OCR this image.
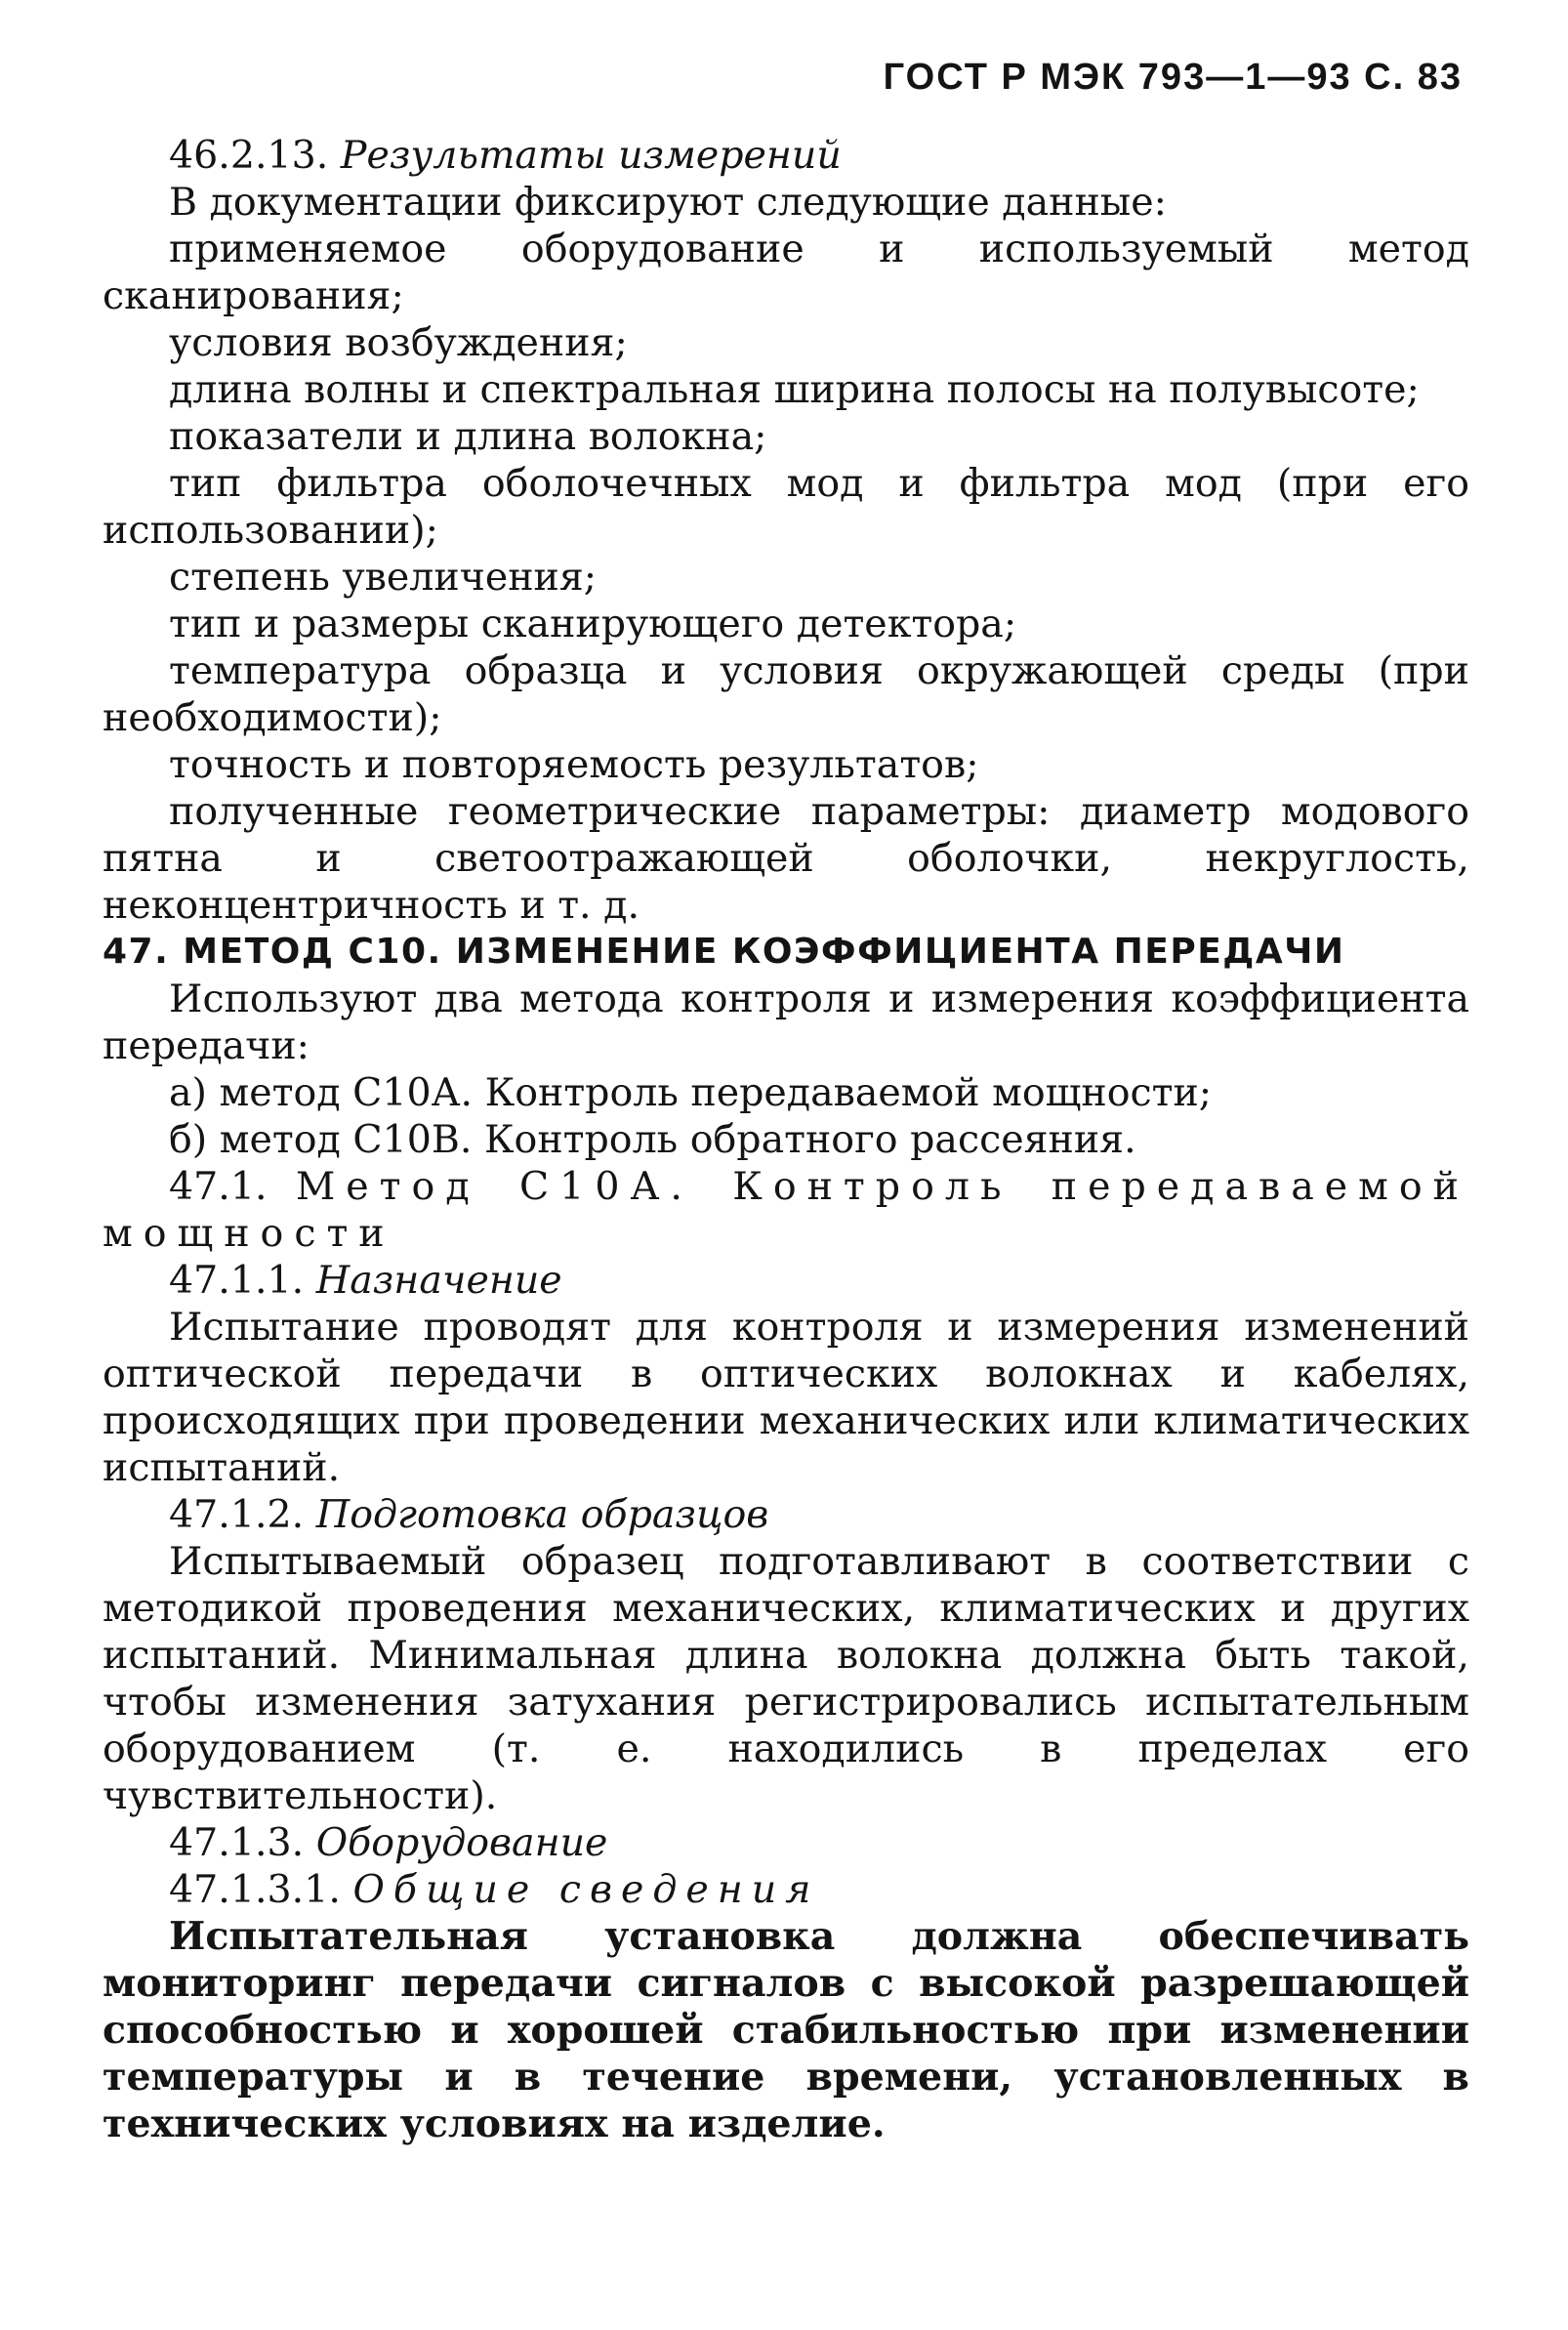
ГОСТ Р МЭК 793—1—93 С. 83

46.2.13. Результаты измерений

В документации фиксируют следующие данные:

применяемое оборудование и используемый метод сканирования;

условия возбуждения;

длина волны и спектральная ширина полосы на полувысоте;

показатели и длина волокна;

тип фильтра оболочечных мод и фильтра мод (при его использовании);

степень увеличения;

тип и размеры сканирующего детектора;

температура образца и условия окружающей среды (при необходимости);

точность и повторяемость результатов;

полученные геометрические параметры: диаметр модового пятна и светоотражающей оболочки, некруглость, неконцентричность и т. д.

47. МЕТОД С10. ИЗМЕНЕНИЕ КОЭФФИЦИЕНТА ПЕРЕДАЧИ

Используют два метода контроля и измерения коэффициента передачи:

а) метод С10А. Контроль передаваемой мощности;

б) метод С10В. Контроль обратного рассеяния.

47.1. Метод С10А. Контроль передаваемой мощности

47.1.1. Назначение

Испытание проводят для контроля и измерения изменений оптической передачи в оптических волокнах и кабелях, происходящих при проведении механических или климатических испытаний.

47.1.2. Подготовка образцов

Испытываемый образец подготавливают в соответствии с методикой проведения механических, климатических и других испытаний. Минимальная длина волокна должна быть такой, чтобы изменения затухания регистрировались испытательным оборудованием (т. е. находились в пределах его чувствительности).

47.1.3. Оборудование

47.1.3.1. Общие сведения

Испытательная установка должна обеспечивать мониторинг передачи сигналов с высокой разрешающей способностью и хорошей стабильностью при изменении температуры и в течение времени, установленных в технических условиях на изделие.
